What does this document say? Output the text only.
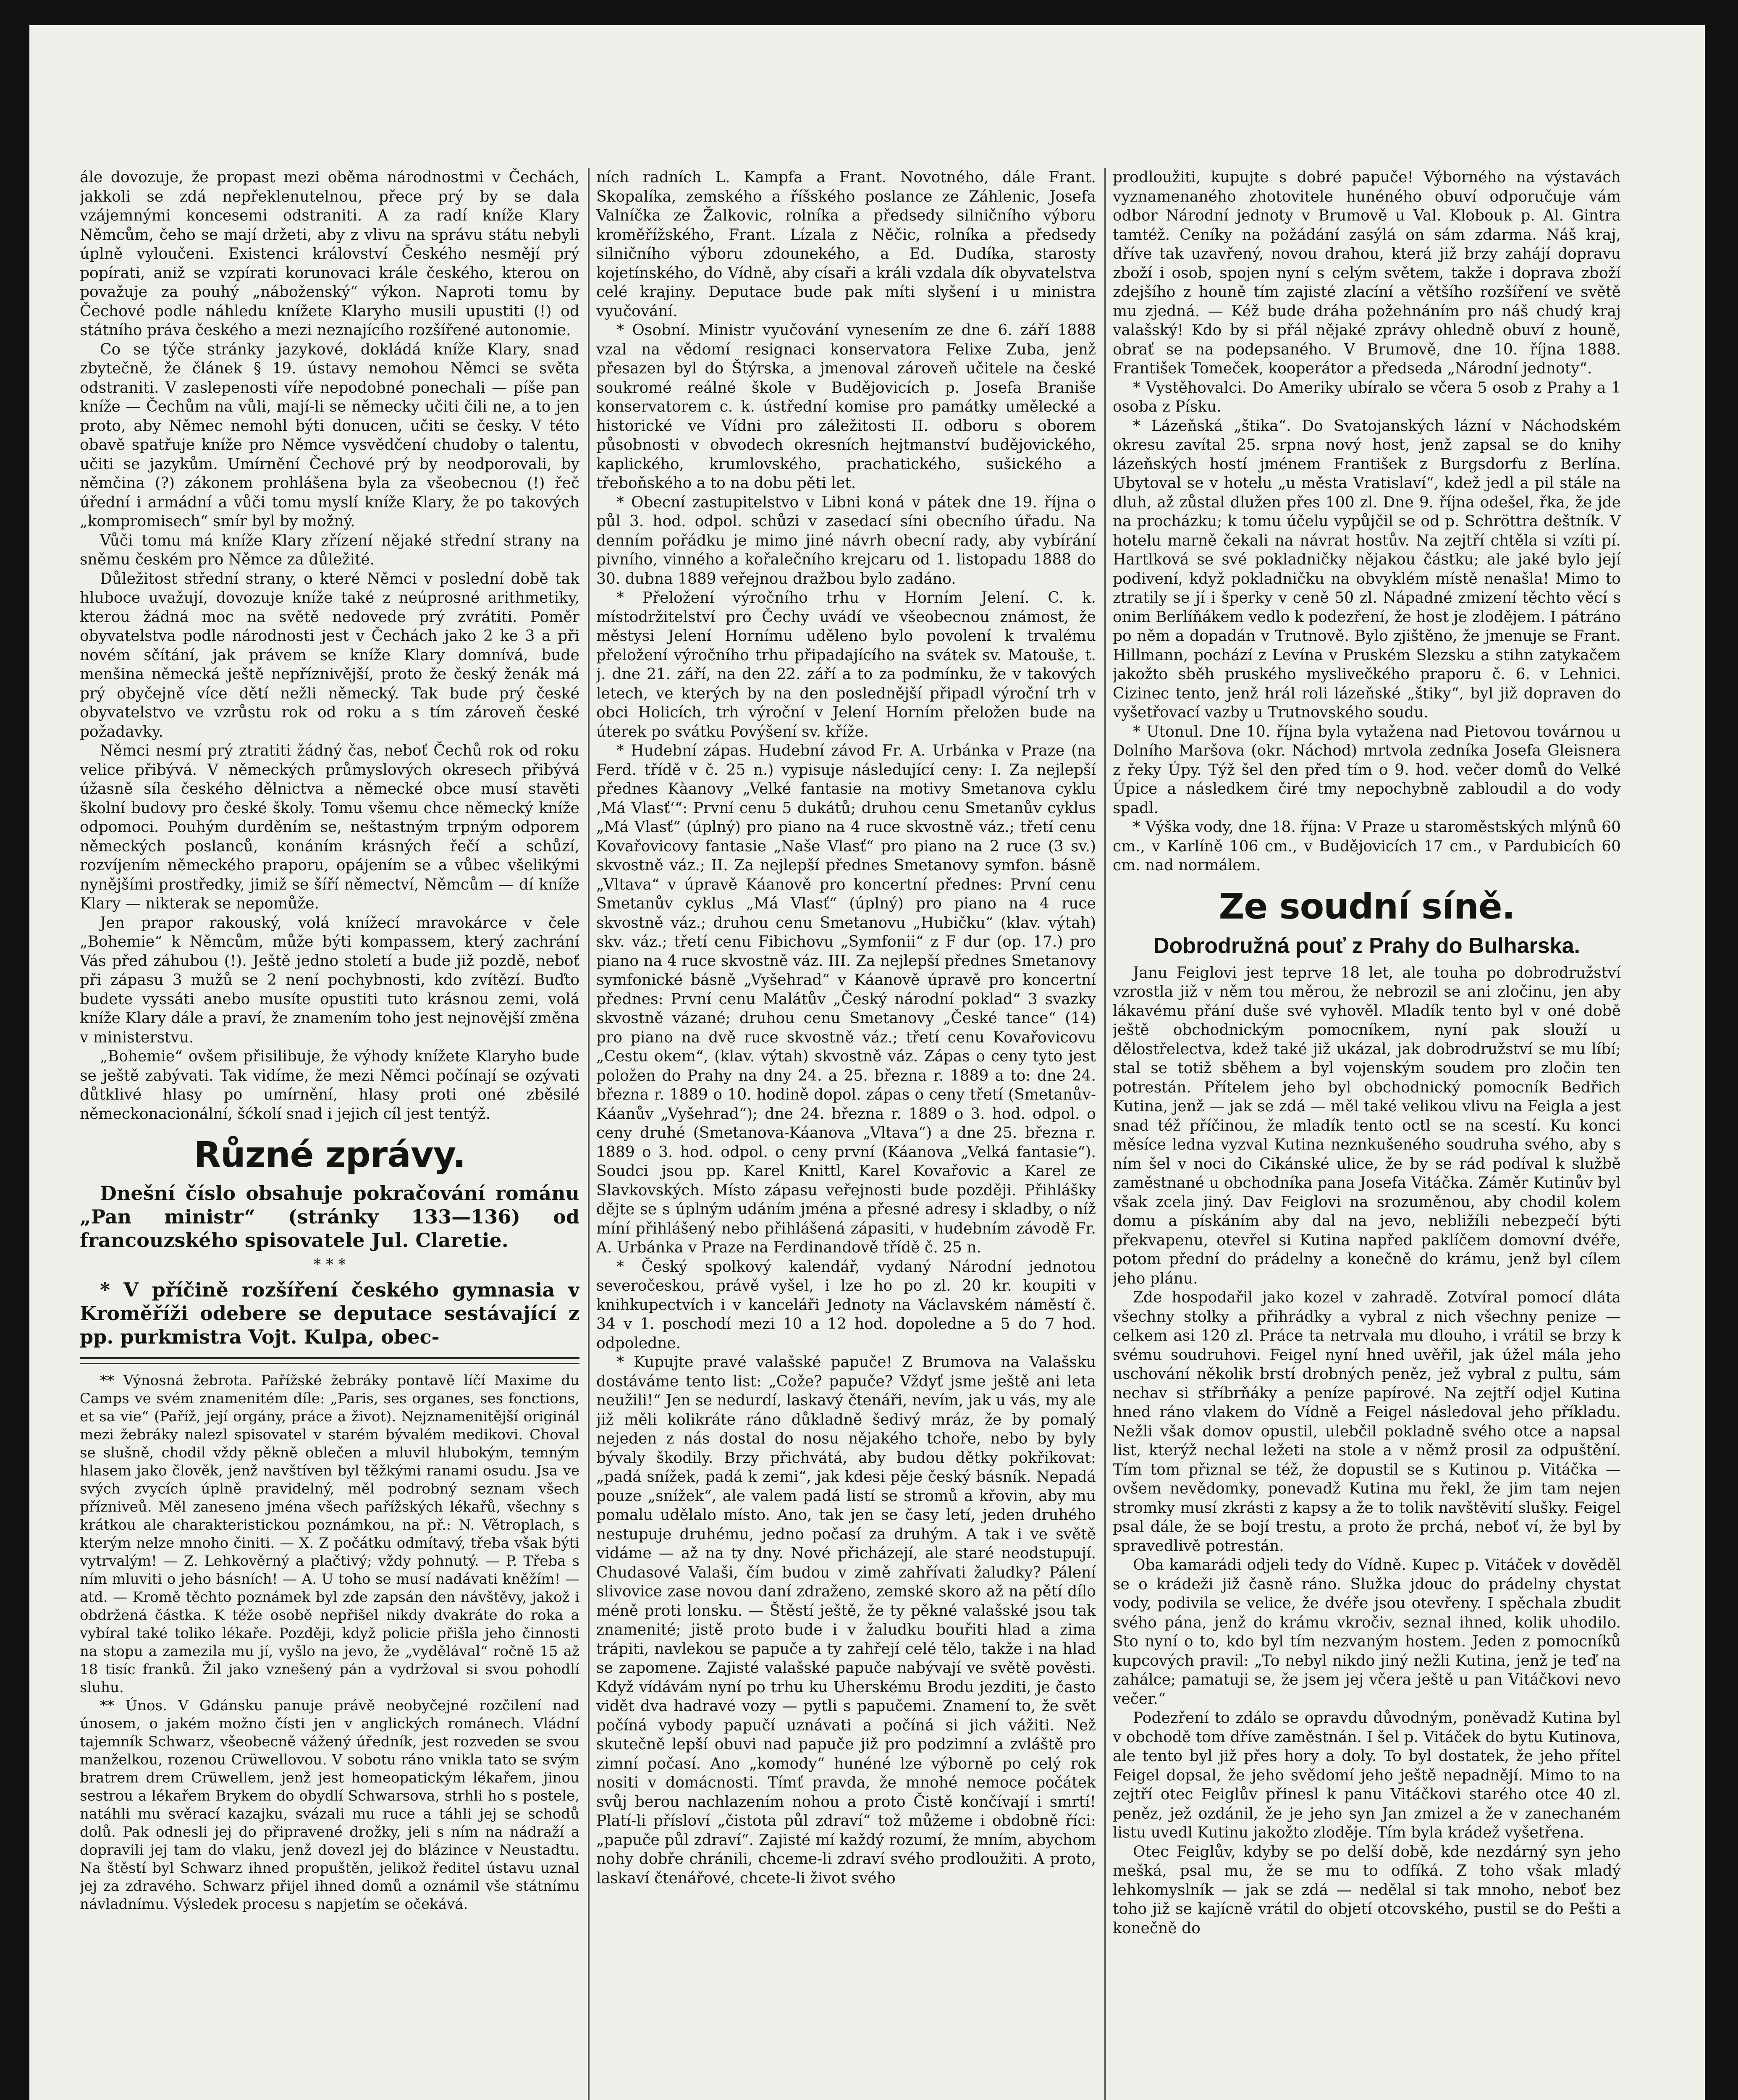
ále dovozuje, že propast mezi oběma národnostmi v Čechách, jakkoli se zdá nepřeklenutelnou, přece prý by se dala vzájemnými koncesemi odstraniti. A za radí kníže Klary Němcům, čeho se mají držeti, aby z vlivu na správu státu nebyli úplně vyloučeni. Existenci království Českého nesmějí prý popírati, aniž se vzpírati korunovaci krále českého, kterou on považuje za pouhý „náboženský“ výkon. Naproti tomu by Čechové podle náhledu knížete Klaryho musili upustiti (!) od státního práva českého a mezi neznajícího rozšířené autonomie.

Co se týče stránky jazykové, dokládá kníže Klary, snad zbytečně, že článek § 19. ústavy nemohou Němci se světa odstraniti. V zaslepenosti víře nepodobné ponechali — píše pan kníže — Čechům na vůli, mají-li se německy učiti čili ne, a to jen proto, aby Němec nemohl býti donucen, učiti se česky. V této obavě spatřuje kníže pro Němce vysvědčení chudoby o talentu, učiti se jazykům. Umírnění Čechové prý by neodporovali, by němčina (?) zákonem prohlášena byla za všeobecnou (!) řeč úřední i armádní a vůči tomu myslí kníže Klary, že po takových „kompromisech“ smír byl by možný.

Vůči tomu má kníže Klary zřízení nějaké střední strany na sněmu českém pro Němce za důležité.

Důležitost střední strany, o které Němci v poslední době tak hluboce uvažují, dovozuje kníže také z neúprosné arithmetiky, kterou žádná moc na světě nedovede prý zvrátiti. Poměr obyvatelstva podle národnosti jest v Čechách jako 2 ke 3 a při novém sčítání, jak právem se kníže Klary domnívá, bude menšina německá ještě nepříznivější, proto že český ženák má prý obyčejně více dětí nežli německý. Tak bude prý české obyvatelstvo ve vzrůstu rok od roku a s tím zároveň české požadavky.

Němci nesmí prý ztratiti žádný čas, neboť Čechů rok od roku velice přibývá. V německých průmyslových okresech přibývá úžasně síla českého dělnictva a německé obce musí stavěti školní budovy pro české školy. Tomu všemu chce německý kníže odpomoci. Pouhým durděním se, neštastným trpným odporem německých poslanců, konáním krásných řečí a schůzí, rozvíjením německého praporu, opájením se a vůbec všelikými nynějšími prostředky, jimiž se šíří němectví, Němcům — dí kníže Klary — nikterak se nepomůže.

Jen prapor rakouský, volá knížecí mravokárce v čele „Bohemie“ k Němcům, může býti kompassem, který zachrání Vás před záhubou (!). Ještě jedno století a bude již pozdě, neboť při zápasu 3 mužů se 2 není pochybnosti, kdo zvítězí. Buďto budete vyssáti anebo musíte opustiti tuto krásnou zemi, volá kníže Klary dále a praví, že znamením toho jest nejnovější změna v ministerstvu.

„Bohemie“ ovšem přisilibuje, že výhody knížete Klaryho bude se ještě zabývati. Tak vidíme, že mezi Němci počínají se ozývati důtklivé hlasy po umírnění, hlasy proti oné zběsilé německonacionální, šćkolí snad i jejich cíl jest tentýž.

Různé zprávy.

Dnešní číslo obsahuje pokračování románu „Pan ministr“ (stránky 133—136) od francouzského spisovatele Jul. Claretie.

* * *

* V příčině rozšíření českého gymnasia v Kroměříži odebere se deputace sestávající z pp. purkmistra Vojt. Kulpa, obec-

** Výnosná žebrota. Pařížské žebráky pontavě líčí Maxime du Camps ve svém znamenitém díle: „Paris, ses organes, ses fonctions, et sa vie“ (Paříž, její orgány, práce a život). Nejznamenitější originál mezi žebráky nalezl spisovatel v starém bývalém medikovi. Choval se slušně, chodil vždy pěkně oblečen a mluvil hlubokým, temným hlasem jako člověk, jenž navštíven byl těžkými ranami osudu. Jsa ve svých zvycích úplně pravidelný, měl podrobný seznam všech přízniveů. Měl zaneseno jména všech pařížských lékařů, všechny s krátkou ale charakteristickou poznámkou, na př.: N. Větroplach, s kterým nelze mnoho činiti. — X. Z počátku odmítavý, třeba však býti vytrvalým! — Z. Lehkověrný a plačtivý; vždy pohnutý. — P. Třeba s ním mluviti o jeho básních! — A. U toho se musí nadávati kněžím! — atd. — Kromě těchto poznámek byl zde zapsán den návštěvy, jakož i obdržená částka. K téže osobě nepřišel nikdy dvakráte do roka a vybíral také toliko lékaře. Později, když policie přišla jeho činnosti na stopu a zamezila mu jí, vyšlo na jevo, že „vydělával“ ročně 15 až 18 tisíc franků. Žil jako vznešený pán a vydržoval si svou pohodlí sluhu.

** Únos. V Gdánsku panuje právě neobyčejné rozčilení nad únosem, o jakém možno čísti jen v anglických románech. Vládní tajemník Schwarz, všeobecně vážený úředník, jest rozveden se svou manželkou, rozenou Crüwellovou. V sobotu ráno vnikla tato se svým bratrem drem Crüwellem, jenž jest homeopatickým lékařem, jinou sestrou a lékařem Brykem do obydlí Schwarsova, strhli ho s postele, natáhli mu svěrací kazajku, svázali mu ruce a táhli jej se schodů dolů. Pak odnesli jej do připravené drožky, jeli s ním na nádraží a dopravili jej tam do vlaku, jenž dovezl jej do blázince v Neustadtu. Na štěstí byl Schwarz ihned propuštěn, jelikož ředitel ústavu uznal jej za zdravého. Schwarz přijel ihned domů a oznámil vše státnímu návladnímu. Výsledek procesu s napjetím se očekává.

ních radních L. Kampfa a Frant. Novotného, dále Frant. Skopalíka, zemského a říšského poslance ze Záhlenic, Josefa Valníčka ze Žalkovic, rolníka a předsedy silničního výboru kroměřížského, Frant. Lízala z Něčic, rolníka a předsedy silničního výboru zdounekého, a Ed. Dudíka, starosty kojetínského, do Vídně, aby císaři a králi vzdala dík obyvatelstva celé krajiny. Deputace bude pak míti slyšení i u ministra vyučování.

* Osobní. Ministr vyučování vynesením ze dne 6. září 1888 vzal na vědomí resignaci konservatora Felixe Zuba, jenž přesazen byl do Štýrska, a jmenoval zároveň učitele na české soukromé reálné škole v Budějovicích p. Josefa Braniše konservatorem c. k. ústřední komise pro památky umělecké a historické ve Vídni pro záležitosti II. odboru s oborem působnosti v obvodech okresních hejtmanství budějovického, kaplického, krumlovského, prachatického, sušického a třeboňského a to na dobu pěti let.

* Obecní zastupitelstvo v Libni koná v pátek dne 19. října o půl 3. hod. odpol. schůzi v zasedací síni obecního úřadu. Na denním pořádku je mimo jiné návrh obecní rady, aby vybírání pivního, vinného a kořalečního krejcaru od 1. listopadu 1888 do 30. dubna 1889 veřejnou dražbou bylo zadáno.

* Přeložení výročního trhu v Horním Jelení. C. k. místodržitelství pro Čechy uvádí ve všeobecnou známost, že městysi Jelení Hornímu uděleno bylo povolení k trvalému přeložení výročního trhu připadajícího na svátek sv. Matouše, t. j. dne 21. září, na den 22. září a to za podmínku, že v takových letech, ve kterých by na den poslednější připadl výroční trh v obci Holicích, trh výroční v Jelení Horním přeložen bude na úterek po svátku Povýšení sv. kříže.

* Hudební zápas. Hudební závod Fr. A. Urbánka v Praze (na Ferd. třídě v č. 25 n.) vypisuje následující ceny: I. Za nejlepší přednes Kàanovy „Velké fantasie na motivy Smetanova cyklu ‚Má Vlasť‘“: První cenu 5 dukátů; druhou cenu Smetanův cyklus „Má Vlasť“ (úplný) pro piano na 4 ruce skvostně váz.; třetí cenu Kovařovicovy fantasie „Naše Vlasť“ pro piano na 2 ruce (3 sv.) skvostně váz.; II. Za nejlepší přednes Smetanovy symfon. básně „Vltava“ v úpravě Káanově pro koncertní přednes: První cenu Smetanův cyklus „Má Vlasť“ (úplný) pro piano na 4 ruce skvostně váz.; druhou cenu Smetanovu „Hubičku“ (klav. výtah) skv. váz.; třetí cenu Fibichovu „Symfonii“ z F dur (op. 17.) pro piano na 4 ruce skvostně váz. III. Za nejlepší přednes Smetanovy symfonické básně „Vyšehrad“ v Káanově úpravě pro koncertní přednes: První cenu Malátův „Český národní poklad“ 3 svazky skvostně vázané; druhou cenu Smetanovy „České tance“ (14) pro piano na dvě ruce skvostně váz.; třetí cenu Kovařovicovu „Cestu okem“, (klav. výtah) skvostně váz. Zápas o ceny tyto jest položen do Prahy na dny 24. a 25. března r. 1889 a to: dne 24. března r. 1889 o 10. hodině dopol. zápas o ceny třetí (Smetanův-Káanův „Vyšehrad“); dne 24. března r. 1889 o 3. hod. odpol. o ceny druhé (Smetanova-Káanova „Vltava“) a dne 25. března r. 1889 o 3. hod. odpol. o ceny první (Káanova „Velká fantasie“). Soudci jsou pp. Karel Knittl, Karel Kovařovic a Karel ze Slavkovských. Místo zápasu veřejnosti bude později. Přihlášky dějte se s úplným udáním jména a přesné adresy i skladby, o níž míní přihlášený nebo přihlášená zápasiti, v hudebním závodě Fr. A. Urbánka v Praze na Ferdinandově třídě č. 25 n.

* Český spolkový kalendář, vydaný Národní jednotou severočeskou, právě vyšel, i lze ho po zl. 20 kr. koupiti v knihkupectvích i v kanceláři Jednoty na Václavském náměstí č. 34 v 1. poschodí mezi 10 a 12 hod. dopoledne a 5 do 7 hod. odpoledne.

* Kupujte pravé valašské papuče! Z Brumova na Valašsku dostáváme tento list: „Cože? papuče? Vždyť jsme ještě ani leta neužili!“ Jen se nedurdí, laskavý čtenáři, nevím, jak u vás, my ale již měli kolikráte ráno důkladně šedivý mráz, že by pomalý nejeden z nás dostal do nosu nějakého tchoře, nebo by byly bývaly škodily. Brzy přichvátá, aby budou dětky pokřikovat: „padá snížek, padá k zemi“, jak kdesi pěje český básník. Nepadá pouze „snížek“, ale valem padá listí se stromů a křovin, aby mu pomalu udělalo místo. Ano, tak jen se časy letí, jeden druhého nestupuje druhému, jedno počasí za druhým. A tak i ve světě vidáme — až na ty dny. Nové přicházejí, ale staré neodstupují. Chudasové Valaši, čím budou v zimě zahřívati žaludky? Pálení slivovice zase novou daní zdraženo, zemské skoro až na pětí dílo méně proti lonsku. — Štěstí ještě, že ty pěkné valašské jsou tak znamenité; jistě proto bude i v žaludku bouřiti hlad a zima trápiti, navlekou se papuče a ty zahřejí celé tělo, takže i na hlad se zapomene. Zajisté valašské papuče nabývají ve světě pověsti. Když vídávám nyní po trhu ku Uherskému Brodu jezditi, je často vidět dva hadravé vozy — pytli s papučemi. Znamení to, že svět počíná vybody papučí uznávati a počíná si jich vážiti. Než skutečně lepší obuvi nad papuče již pro podzimní a zvláště pro zimní počasí. Ano „komody“ hunéné lze výborně po celý rok nositi v domácnosti. Tímť pravda, že mnohé nemoce počátek svůj berou nachlazením nohou a proto Čistě končívají i smrtí! Platí-li přísloví „čistota půl zdraví“ tož můžeme i obdobně říci: „papuče půl zdraví“. Zajisté mí každý rozumí, že mním, abychom nohy dobře chránili, chceme-li zdraví svého prodloužiti. A proto, laskaví čtenářové, chcete-li život svého

prodloužiti, kupujte s dobré papuče! Výborného na výstavách vyznamenaného zhotovitele hunéného obuví odporučuje vám odbor Národní jednoty v Brumově u Val. Klobouk p. Al. Gintra tamtéž. Ceníky na požádání zasýlá on sám zdarma. Náš kraj, dříve tak uzavřený, novou drahou, která již brzy zahájí dopravu zboží i osob, spojen nyní s celým světem, takže i doprava zboží zdejšího z houně tím zajisté zlacíní a většího rozšíření ve světě mu zjedná. — Kéž bude dráha požehnáním pro náš chudý kraj valašský! Kdo by si přál nějaké zprávy ohledně obuví z houně, obrať se na podepsaného. V Brumově, dne 10. října 1888. František Tomeček, kooperátor a předseda „Národní jednoty“.

* Vystěhovalci. Do Ameriky ubíralo se včera 5 osob z Prahy a 1 osoba z Písku.

* Lázeňská „štika“. Do Svatojanských lázní v Náchodském okresu zavítal 25. srpna nový host, jenž zapsal se do knihy lázeňských hostí jménem František z Burgsdorfu z Berlína. Ubytoval se v hotelu „u města Vratislaví“, kdež jedl a pil stále na dluh, až zůstal dlužen přes 100 zl. Dne 9. října odešel, řka, že jde na procházku; k tomu účelu vypůjčil se od p. Schröttra deštník. V hotelu marně čekali na návrat hostův. Na zejtří chtěla si vzíti pí. Hartlková se své pokladničky nějakou částku; ale jaké bylo její podivení, když pokladničku na obvyklém místě nenašla! Mimo to ztratily se jí i šperky v ceně 50 zl. Nápadné zmizení těchto věcí s onim Berlíňákem vedlo k podezření, že host je zlodějem. I pátráno po něm a dopadán v Trutnově. Bylo zjištěno, že jmenuje se Frant. Hillmann, pochází z Levína v Pruském Slezsku a stihn zatykačem jakožto sběh pruského myslivečkého praporu č. 6. v Lehnici. Cizinec tento, jenž hrál roli lázeňské „štiky“, byl již dopraven do vyšetřovací vazby u Trutnovského soudu.

* Utonul. Dne 10. října byla vytažena nad Pietovou továrnou u Dolního Maršova (okr. Náchod) mrtvola zedníka Josefa Gleisnera z řeky Úpy. Týž šel den před tím o 9. hod. večer domů do Velké Úpice a následkem čiré tmy nepochybně zabloudil a do vody spadl.

* Výška vody, dne 18. října: V Praze u staroměstských mlýnů 60 cm., v Karlíně 106 cm., v Budějovicích 17 cm., v Pardubicích 60 cm. nad normálem.

Ze soudní síně.
Dobrodružná pouť z Prahy do Bulharska.

Janu Feiglovi jest teprve 18 let, ale touha po dobrodružství vzrostla již v něm tou měrou, že nebrozil se ani zločinu, jen aby lákavému přání duše své vyhověl. Mladík tento byl v oné době ještě obchodnickým pomocníkem, nyní pak slouží u dělostřelectva, kdež také již ukázal, jak dobrodružství se mu líbí; stal se totiž sběhem a byl vojenským soudem pro zločin ten potrestán. Přítelem jeho byl obchodnický pomocník Bedřich Kutina, jenž — jak se zdá — měl také velikou vlivu na Feigla a jest snad též příčinou, že mladík tento octl se na scestí. Ku konci měsíce ledna vyzval Kutina neznkušeného soudruha svého, aby s ním šel v noci do Cikánské ulice, že by se rád podíval k službě zaměstnané u obchodníka pana Josefa Vitáčka. Záměr Kutinův byl však zcela jiný. Dav Feiglovi na srozuměnou, aby chodil kolem domu a pískáním aby dal na jevo, nebližíli nebezpečí býti překvapenu, otevřel si Kutina napřed paklíčem domovní dvéře, potom přední do prádelny a konečně do krámu, jenž byl cílem jeho plánu.

Zde hospodařil jako kozel v zahradě. Zotvíral pomocí dláta všechny stolky a přihrádky a vybral z nich všechny penize — celkem asi 120 zl. Práce ta netrvala mu dlouho, i vrátil se brzy k svému soudruhovi. Feigel nyní hned uvěřil, jak úžel mála jeho uschování několik brstí drobných peněz, jež vybral z pultu, sám nechav si stříbrňáky a peníze papírové. Na zejtří odjel Kutina hned ráno vlakem do Vídně a Feigel následoval jeho příkladu. Nežli však domov opustil, ulebčil pokladně svého otce a napsal list, kterýž nechal ležeti na stole a v němž prosil za odpuštění. Tím tom přiznal se též, že dopustil se s Kutinou p. Vitáčka — ovšem nevědomky, ponevadž Kutina mu řekl, že jim tam nejen stromky musí zkrásti z kapsy a že to tolik navštěvití slušky. Feigel psal dále, že se bojí trestu, a proto že prchá, neboť ví, že byl by spravedlivě potrestán.

Oba kamarádi odjeli tedy do Vídně. Kupec p. Vitáček v dověděl se o krádeži již časně ráno. Služka jdouc do prádelny chystat vody, podivila se velice, že dvéře jsou otevřeny. I spěchala zbudit svého pána, jenž do krámu vkročiv, seznal ihned, kolik uhodilo. Sto nyní o to, kdo byl tím nezvaným hostem. Jeden z pomocníků kupcových pravil: „To nebyl nikdo jiný nežli Kutina, jenž je teď na zahálce; pamatuji se, že jsem jej včera ještě u pan Vitáčkovi nevo večer.“

Podezření to zdálo se opravdu důvodným, poněvadž Kutina byl v obchodě tom dříve zaměstnán. I šel p. Vitáček do bytu Kutinova, ale tento byl již přes hory a doly. To byl dostatek, že jeho přítel Feigel dopsal, že jeho svědomí jeho ještě nepadnějí. Mimo to na zejtří otec Feiglův přinesl k panu Vitáčkovi starého otce 40 zl. peněz, jež ozdánil, že je jeho syn Jan zmizel a že v zanechaném listu uvedl Kutinu jakožto zloděje. Tím byla krádež vyšetřena.

Otec Feiglův, kdyby se po delší době, kde nezdárný syn jeho mešká, psal mu, že se mu to odfíká. Z toho však mladý lehkomyslník — jak se zdá — nedělal si tak mnoho, neboť bez toho již se kajícně vrátil do objetí otcovského, pustil se do Pešti a konečně do
